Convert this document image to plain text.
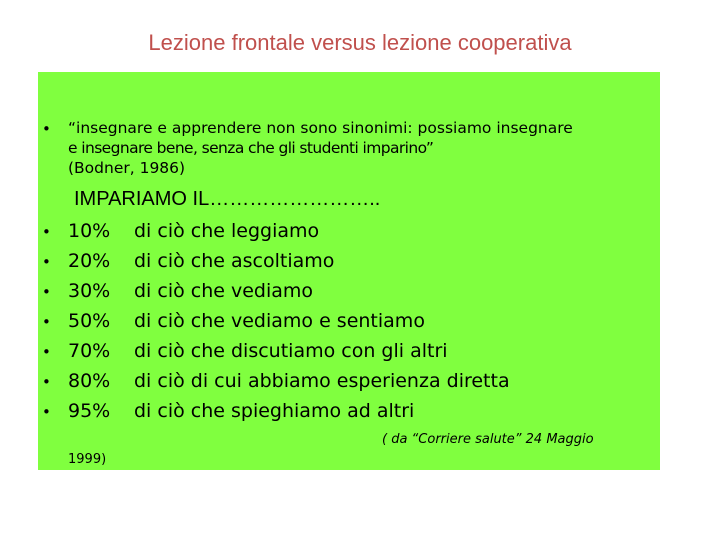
Lezione frontale versus lezione cooperativa
• “insegnare e apprendere non sono sinonimi: possiamo insegnare
e insegnare bene, senza che gli studenti imparino”
(Bodner, 1986)
IMPARIAMO IL……………………..
• 10% di ciò che leggiamo
• 20% di ciò che ascoltiamo
• 30% di ciò che vediamo
• 50% di ciò che vediamo e sentiamo
• 70% di ciò che discutiamo con gli altri
• 80% di ciò di cui abbiamo esperienza diretta
• 95% di ciò che spieghiamo ad altri
( da “Corriere salute” 24 Maggio
1999)
